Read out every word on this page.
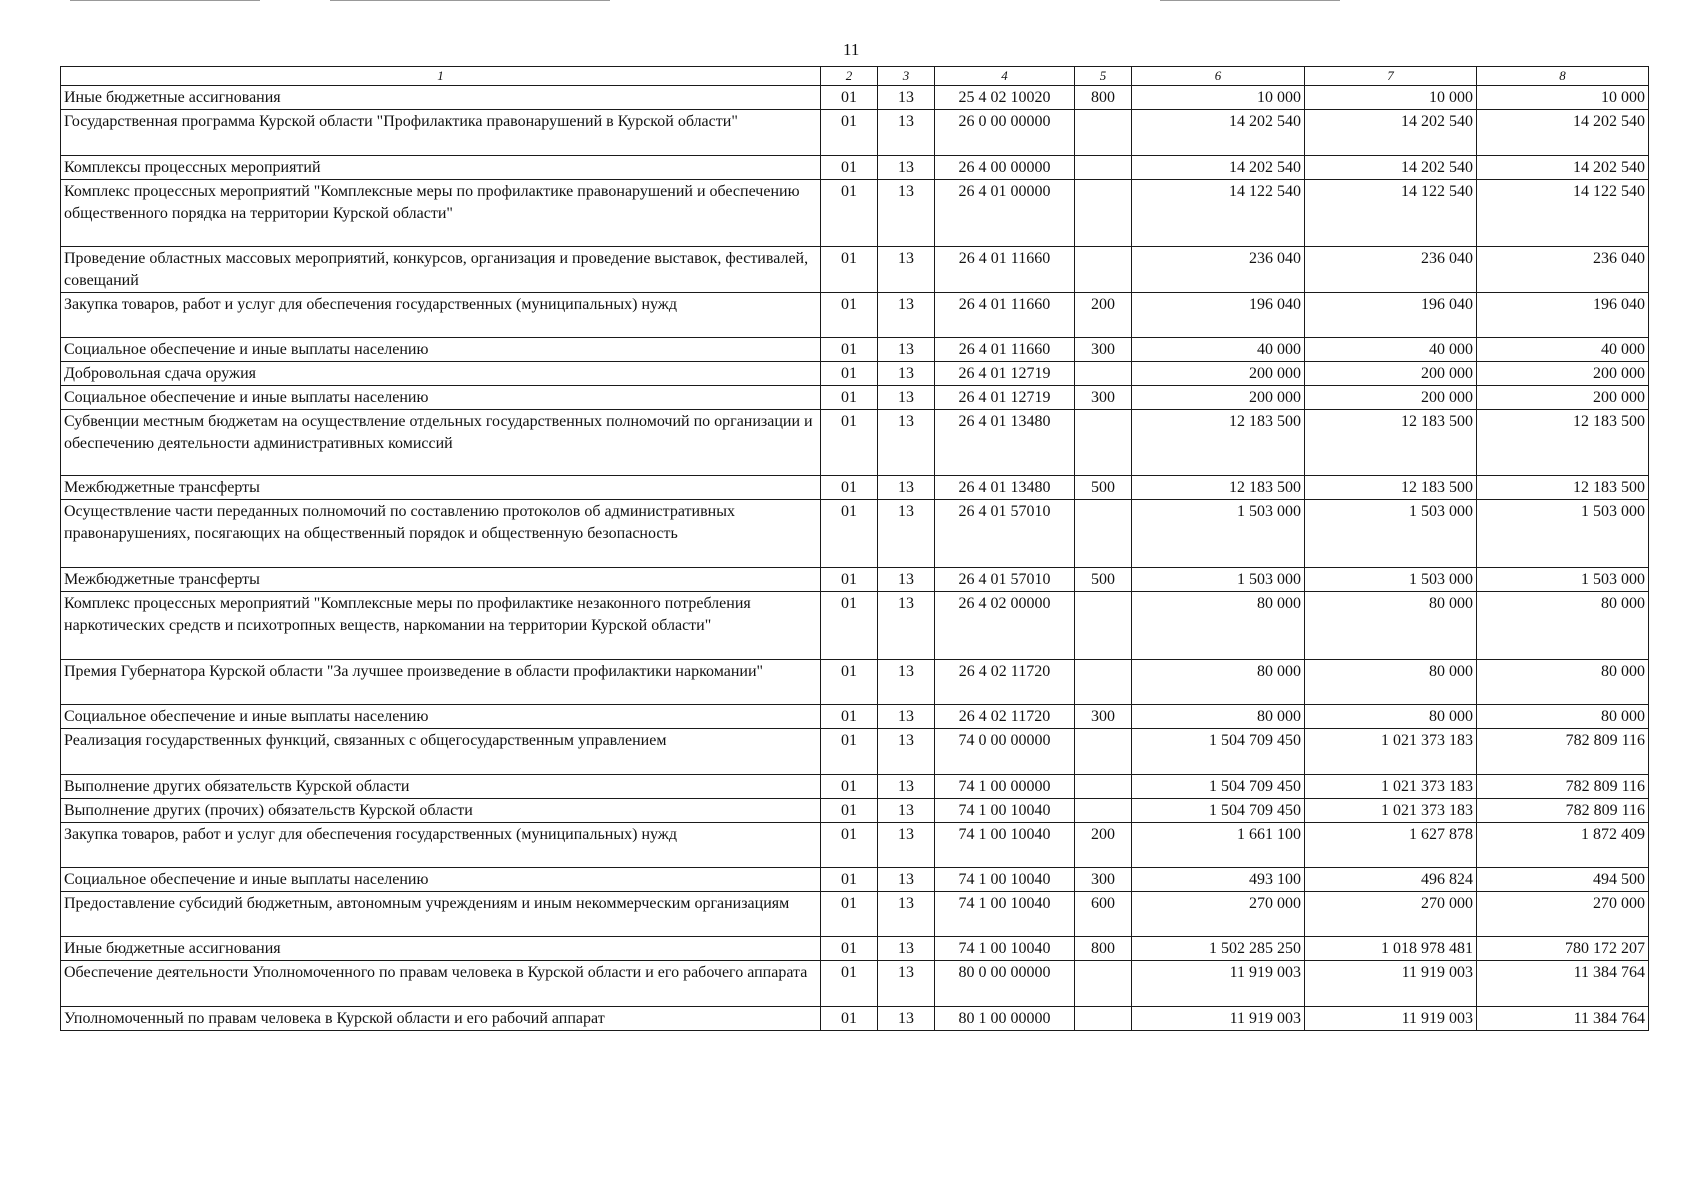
11
1	2	3	4	5	6	7	8
Иные бюджетные ассигнования	01	13	25 4 02 10020	800	10 000	10 000	10 000
Государственная программа Курской области "Профилактика правонарушений в Курской области"	01	13	26 0 00 00000		14 202 540	14 202 540	14 202 540
Комплексы процессных мероприятий	01	13	26 4 00 00000		14 202 540	14 202 540	14 202 540
Комплекс процессных мероприятий "Комплексные меры по профилактике правонарушений и обеспечению общественного порядка на территории Курской области"	01	13	26 4 01 00000		14 122 540	14 122 540	14 122 540
Проведение областных массовых мероприятий, конкурсов, организация и проведение выставок, фестивалей, совещаний	01	13	26 4 01 11660		236 040	236 040	236 040
Закупка товаров, работ и услуг для обеспечения государственных (муниципальных) нужд	01	13	26 4 01 11660	200	196 040	196 040	196 040
Социальное обеспечение и иные выплаты населению	01	13	26 4 01 11660	300	40 000	40 000	40 000
Добровольная сдача оружия	01	13	26 4 01 12719		200 000	200 000	200 000
Социальное обеспечение и иные выплаты населению	01	13	26 4 01 12719	300	200 000	200 000	200 000
Субвенции местным бюджетам на осуществление отдельных государственных полномочий по организации и обеспечению деятельности административных комиссий	01	13	26 4 01 13480		12 183 500	12 183 500	12 183 500
Межбюджетные трансферты	01	13	26 4 01 13480	500	12 183 500	12 183 500	12 183 500
Осуществление части переданных полномочий по составлению протоколов об административных правонарушениях, посягающих на общественный порядок и общественную безопасность	01	13	26 4 01 57010		1 503 000	1 503 000	1 503 000
Межбюджетные трансферты	01	13	26 4 01 57010	500	1 503 000	1 503 000	1 503 000
Комплекс процессных мероприятий "Комплексные меры по профилактике незаконного потребления наркотических средств и психотропных веществ, наркомании на территории Курской области"	01	13	26 4 02 00000		80 000	80 000	80 000
Премия Губернатора Курской области "За лучшее произведение в области профилактики наркомании"	01	13	26 4 02 11720		80 000	80 000	80 000
Социальное обеспечение и иные выплаты населению	01	13	26 4 02 11720	300	80 000	80 000	80 000
Реализация государственных функций, связанных с общегосударственным управлением	01	13	74 0 00 00000		1 504 709 450	1 021 373 183	782 809 116
Выполнение других обязательств Курской области	01	13	74 1 00 00000		1 504 709 450	1 021 373 183	782 809 116
Выполнение других (прочих) обязательств Курской области	01	13	74 1 00 10040		1 504 709 450	1 021 373 183	782 809 116
Закупка товаров, работ и услуг для обеспечения государственных (муниципальных) нужд	01	13	74 1 00 10040	200	1 661 100	1 627 878	1 872 409
Социальное обеспечение и иные выплаты населению	01	13	74 1 00 10040	300	493 100	496 824	494 500
Предоставление субсидий бюджетным, автономным учреждениям и иным некоммерческим организациям	01	13	74 1 00 10040	600	270 000	270 000	270 000
Иные бюджетные ассигнования	01	13	74 1 00 10040	800	1 502 285 250	1 018 978 481	780 172 207
Обеспечение деятельности Уполномоченного по правам человека в Курской области и его рабочего аппарата	01	13	80 0 00 00000		11 919 003	11 919 003	11 384 764
Уполномоченный по правам человека в Курской области и его рабочий аппарат	01	13	80 1 00 00000		11 919 003	11 919 003	11 384 764
